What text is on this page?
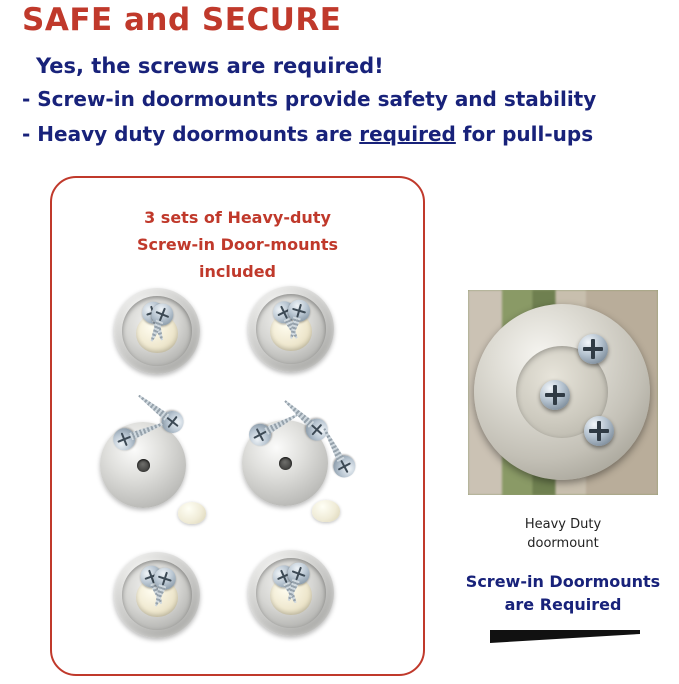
SAFE and SECURE
Yes, the screws are required!
- Screw-in doormounts provide safety and stability
- Heavy duty doormounts are required for pull-ups
3 sets of Heavy-duty
Screw-in Door-mounts
included
Heavy Duty
doormount
Screw-in Doormounts
are Required
